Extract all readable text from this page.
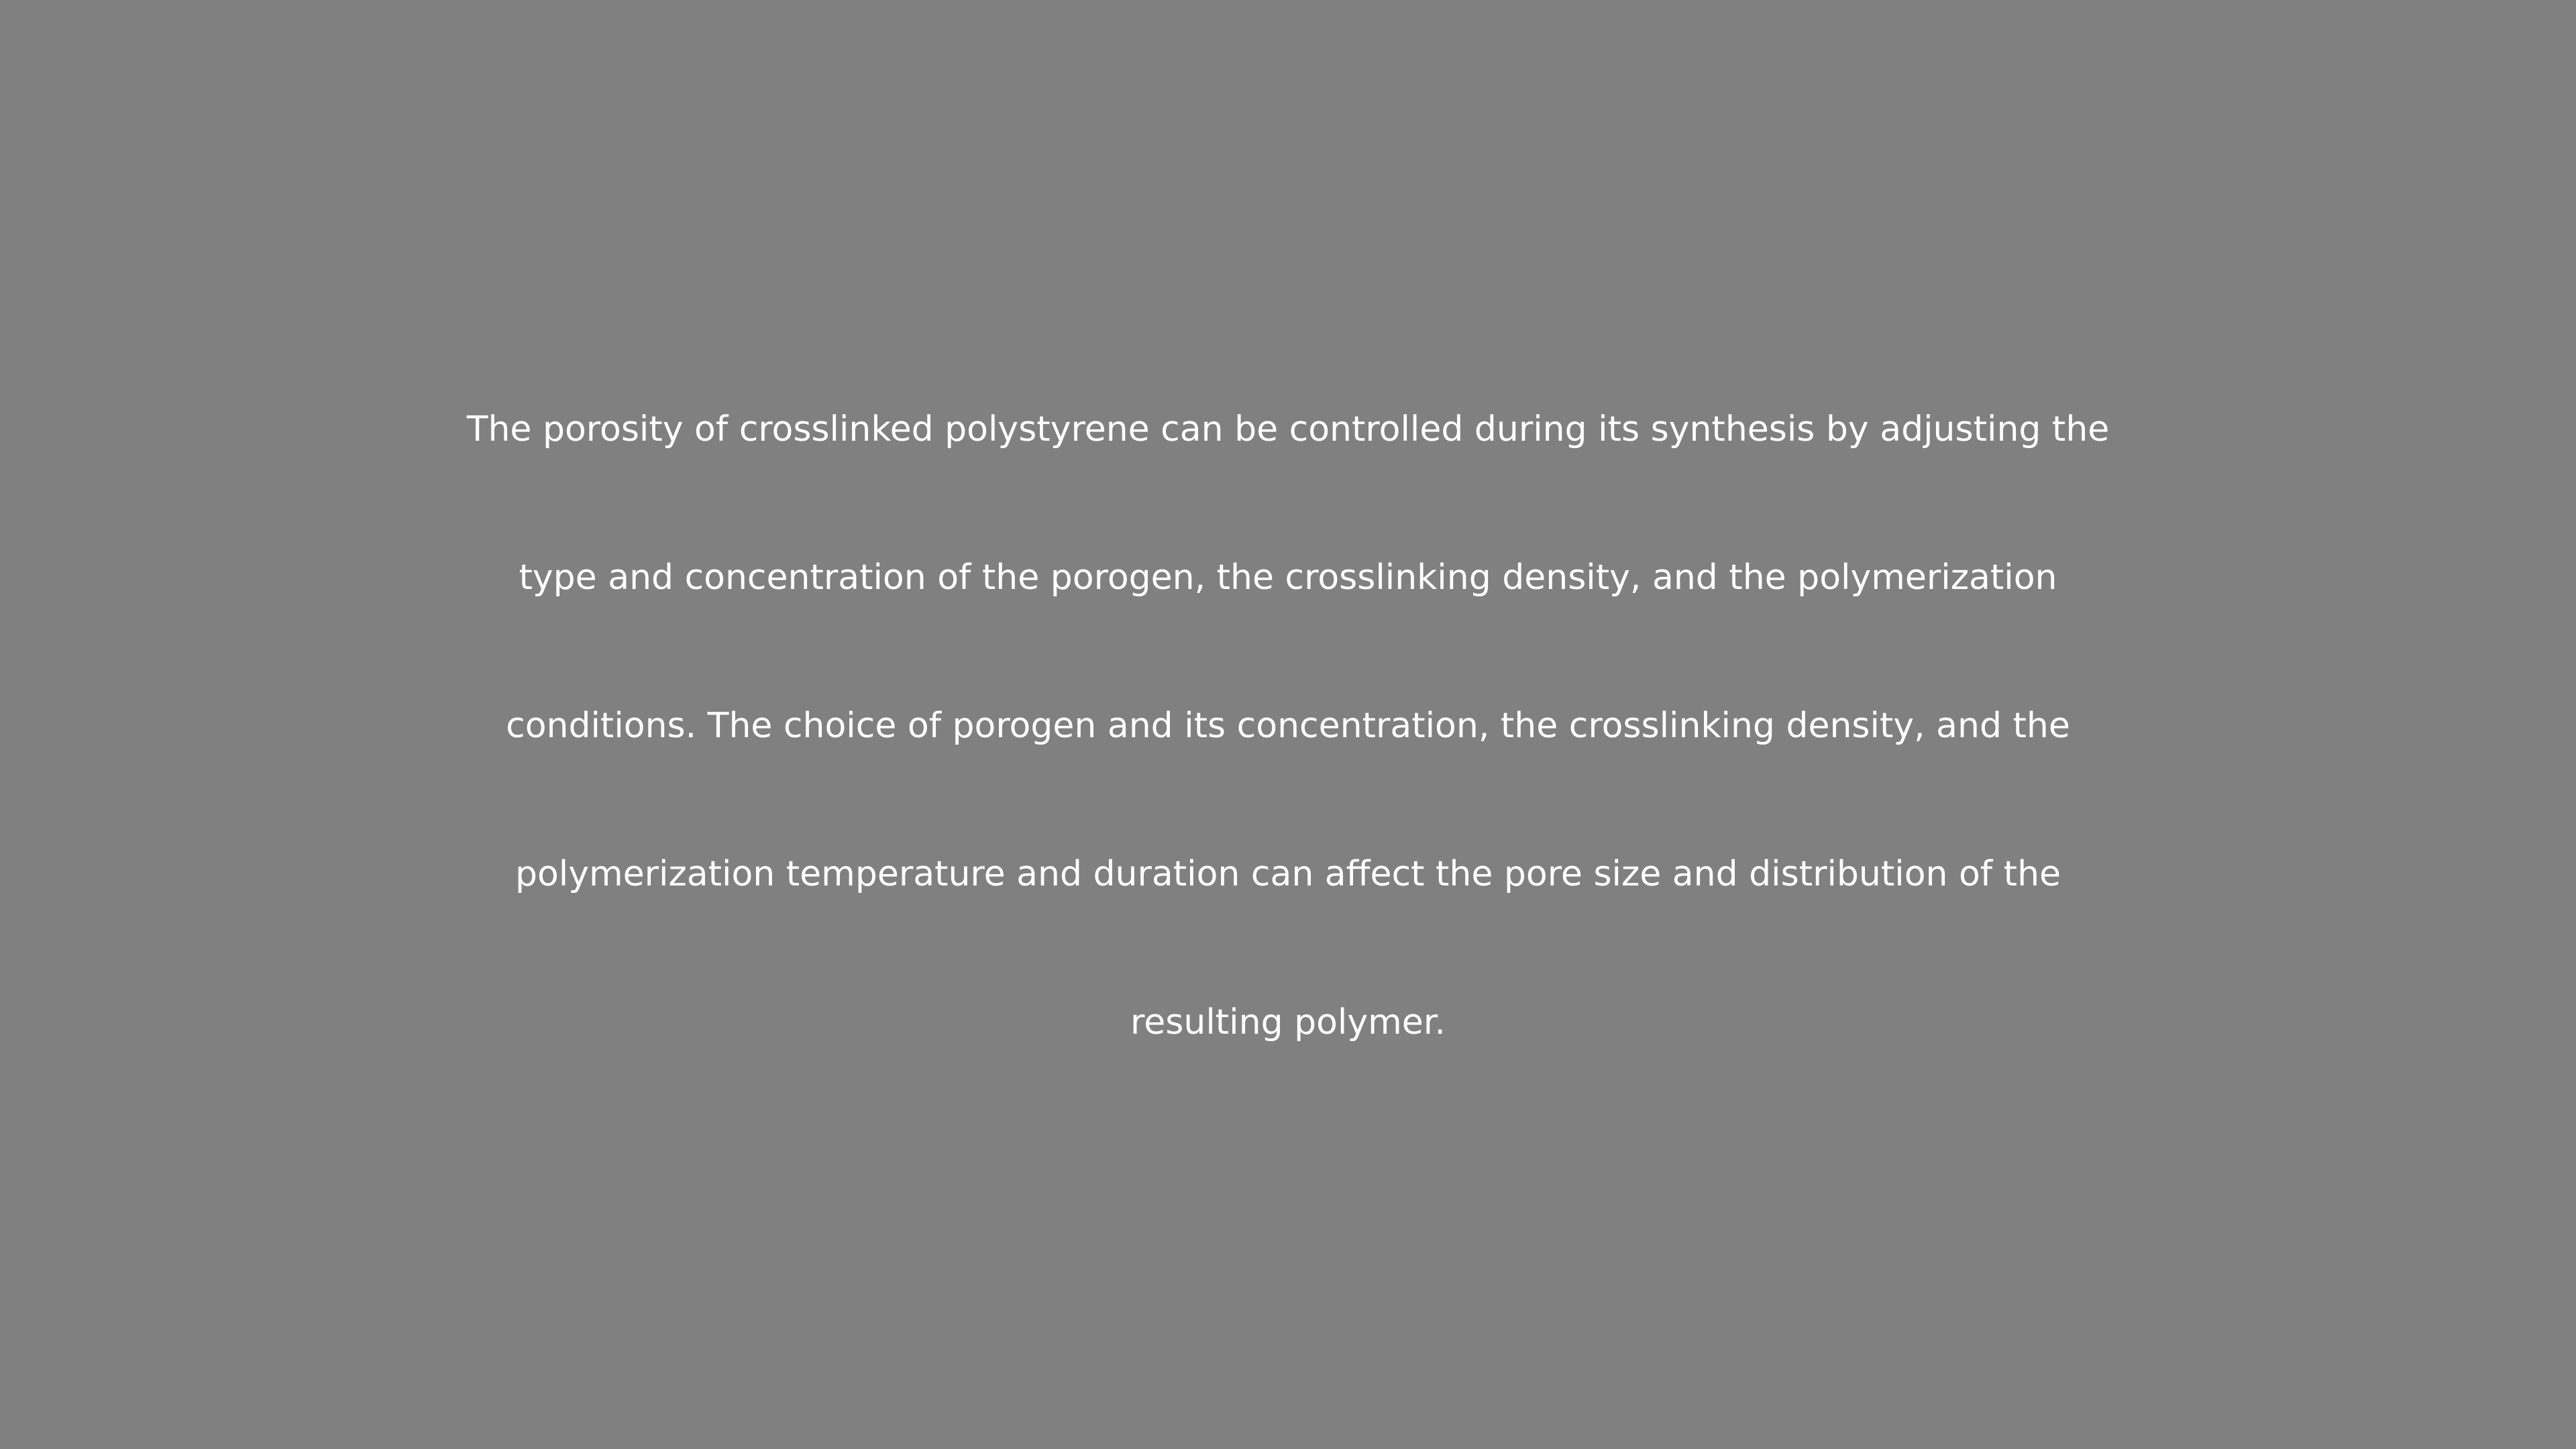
The porosity of crosslinked polystyrene can be controlled during its synthesis by adjusting the
type and concentration of the porogen, the crosslinking density, and the polymerization
conditions. The choice of porogen and its concentration, the crosslinking density, and the
polymerization temperature and duration can affect the pore size and distribution of the
resulting polymer.
